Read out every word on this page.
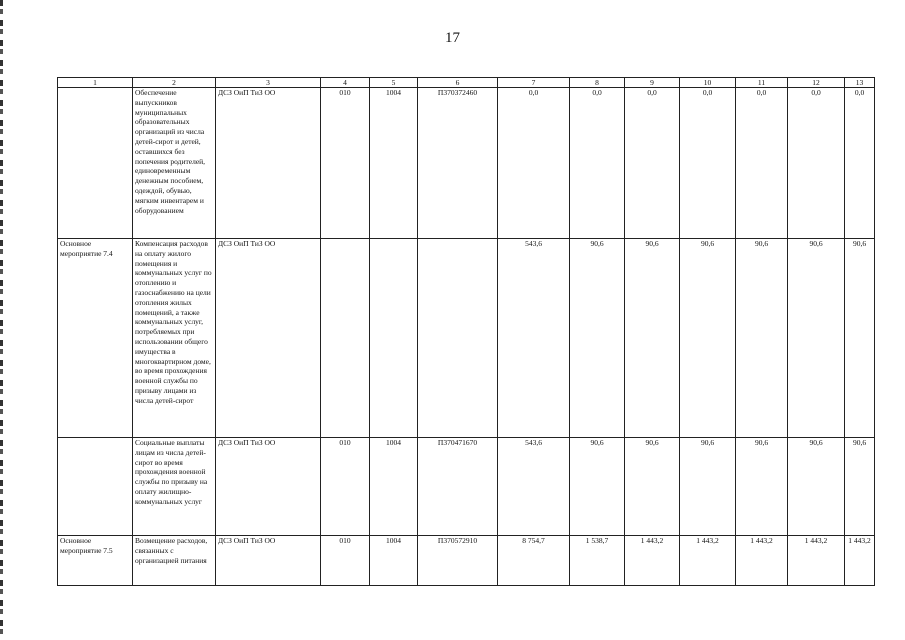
17
1	2	3	4	5	6	7	8	9	10	11	12	13
	Обеспечение выпускников муниципальных образовательных организаций из числа детей-сирот и детей, оставшихся без попечения родителей, единовременным денежным пособием, одеждой, обувью, мягким инвентарем и оборудованием	ДСЗ ОиП ТиЗ ОО	010	1004	П370372460	0,0	0,0	0,0	0,0	0,0	0,0	0,0
Основное мероприятие 7.4	Компенсация расходов на оплату жилого помещения и коммунальных услуг по отоплению и газоснабжению на цели отопления жилых помещений, а также коммунальных услуг, потребляемых при использовании общего имущества в многоквартирном доме, во время прохождения военной службы по призыву лицами из числа детей-сирот	ДСЗ ОиП ТиЗ ОО				543,6	90,6	90,6	90,6	90,6	90,6	90,6
	Социальные выплаты лицам из числа детей-сирот во время прохождения военной службы по призыву на оплату жилищно-коммунальных услуг	ДСЗ ОиП ТиЗ ОО	010	1004	П370471670	543,6	90,6	90,6	90,6	90,6	90,6	90,6
Основное мероприятие 7.5	Возмещение расходов, связанных с организацией питания	ДСЗ ОиП ТиЗ ОО	010	1004	П370572910	8 754,7	1 538,7	1 443,2	1 443,2	1 443,2	1 443,2	1 443,2
